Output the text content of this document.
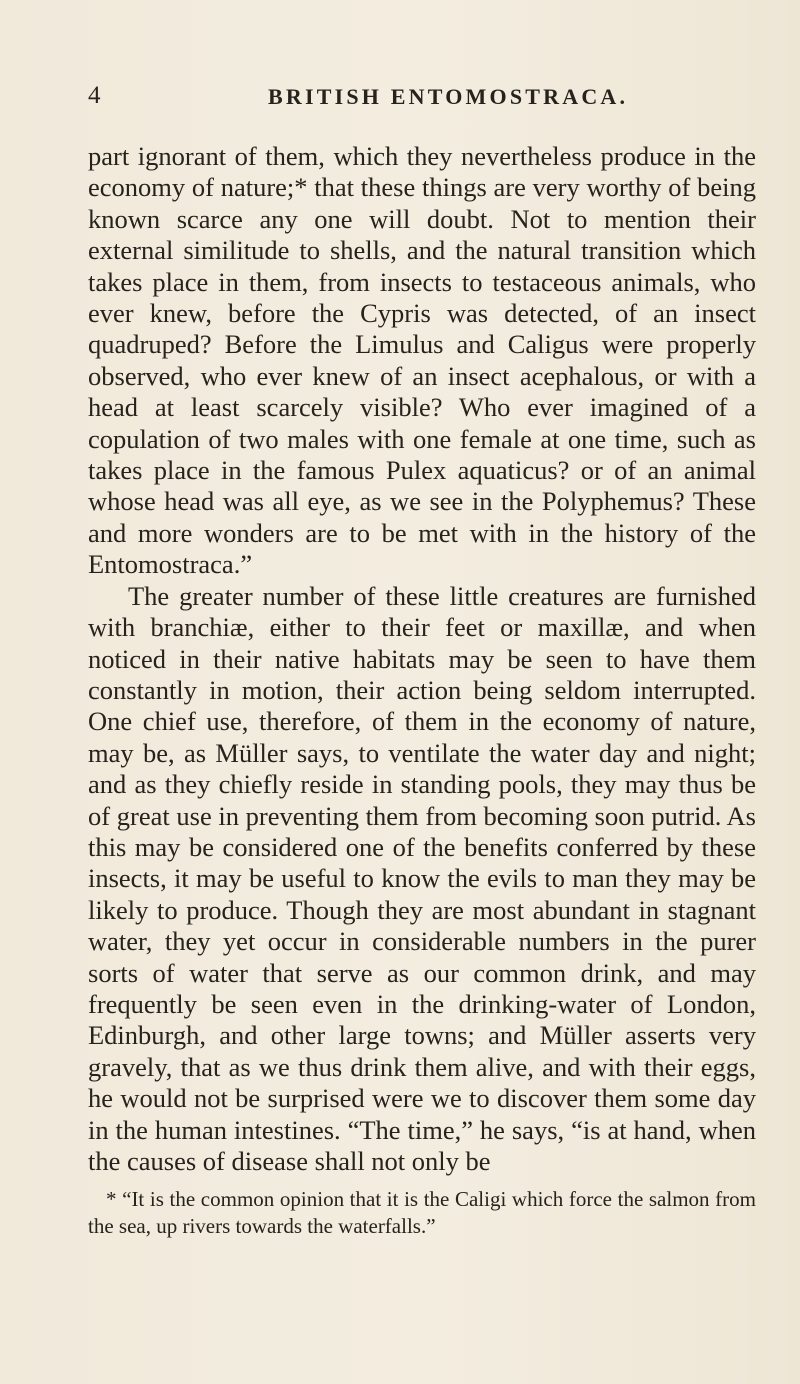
4	BRITISH ENTOMOSTRACA.

part ignorant of them, which they nevertheless produce in the economy of nature;* that these things are very worthy of being known scarce any one will doubt. Not to mention their external similitude to shells, and the natural transition which takes place in them, from insects to testaceous animals, who ever knew, before the Cypris was detected, of an insect quadruped? Before the Limulus and Caligus were properly observed, who ever knew of an insect acephalous, or with a head at least scarcely visible? Who ever imagined of a copulation of two males with one female at one time, such as takes place in the famous Pulex aquaticus? or of an animal whose head was all eye, as we see in the Polyphemus? These and more wonders are to be met with in the history of the Entomostraca.”

The greater number of these little creatures are furnished with branchiæ, either to their feet or maxillæ, and when noticed in their native habitats may be seen to have them constantly in motion, their action being seldom interrupted. One chief use, therefore, of them in the economy of nature, may be, as Müller says, to ventilate the water day and night; and as they chiefly reside in standing pools, they may thus be of great use in preventing them from becoming soon putrid. As this may be considered one of the benefits conferred by these insects, it may be useful to know the evils to man they may be likely to produce. Though they are most abundant in stagnant water, they yet occur in considerable numbers in the purer sorts of water that serve as our common drink, and may frequently be seen even in the drinking-water of London, Edinburgh, and other large towns; and Müller asserts very gravely, that as we thus drink them alive, and with their eggs, he would not be surprised were we to discover them some day in the human intestines. “The time,” he says, “is at hand, when the causes of disease shall not only be

* “It is the common opinion that it is the Caligi which force the salmon from the sea, up rivers towards the waterfalls.”
